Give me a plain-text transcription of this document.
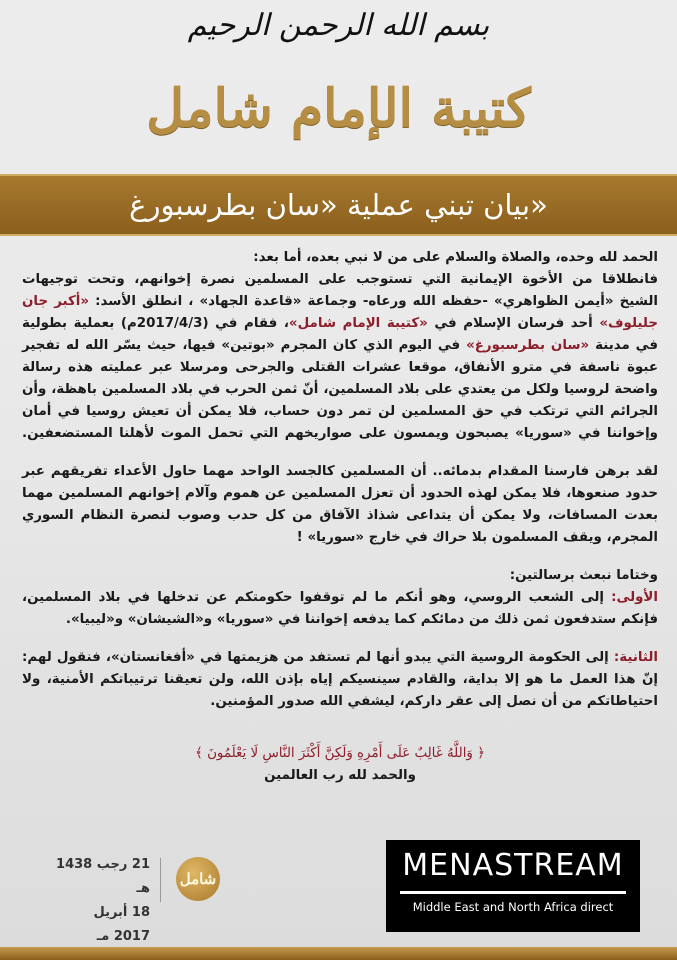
بسم الله الرحمن الرحيم
كتيبة الإمام شامل
بيان تبني عملية «سان بطرسبورغ»
الحمد لله وحده، والصلاة والسلام على من لا نبي بعده، أما بعد:
فانطلاقا من الأخوة الإيمانية التي تستوجب على المسلمين نصرة إخوانهم، وتحت توجيهات
الشيخ «أيمن الظواهري» -حفظه الله ورعاه- وجماعة «قاعدة الجهاد» ، انطلق الأسد: «أكبر جان
جليلوف» أحد فرسان الإسلام في «كتيبة الإمام شامل»، فقام في (2017/4/3م) بعملية بطولية
في مدينة «سان بطرسبورغ» في اليوم الذي كان المجرم «بوتين» فيها، حيث يسّر الله له تفجير
عبوة ناسفة في مترو الأنفاق، موقعا عشرات القتلى والجرحى ومرسلا عبر عمليته هذه رسالة
واضحة لروسيا ولكل من يعتدي على بلاد المسلمين، أنّ ثمن الحرب في بلاد المسلمين باهظة، وأن
الجرائم التي ترتكب في حق المسلمين لن تمر دون حساب، فلا يمكن أن تعيش روسيا في أمان
وإخواننا في «سوريا» يصبحون ويمسون على صواريخهم التي تحمل الموت لأهلنا المستضعفين.
لقد برهن فارسنا المقدام بدمائه.. أن المسلمين كالجسد الواحد مهما حاول الأعداء تفريقهم عبر
حدود صنعوها، فلا يمكن لهذه الحدود أن تعزل المسلمين عن هموم وآلام إخوانهم المسلمين مهما
بعدت المسافات، ولا يمكن أن يتداعى شذاذ الآفاق من كل حدب وصوب لنصرة النظام السوري
المجرم، ويقف المسلمون بلا حراك في خارج «سوريا» !
وختاما نبعث برسالتين:
الأولى: إلى الشعب الروسي، وهو أنكم ما لم توقفوا حكومتكم عن تدخلها في بلاد المسلمين،
فإنكم ستدفعون ثمن ذلك من دمائكم كما يدفعه إخواننا في «سوريا» و«الشيشان» و«ليبيا».
الثانية: إلى الحكومة الروسية التي يبدو أنها لم تستفد من هزيمتها في «أفغانستان»، فنقول لهم:
إنّ هذا العمل ما هو إلا بداية، والقادم سينسيكم إياه بإذن الله، ولن تعيقنا ترتيباتكم الأمنية، ولا
احتياطاتكم من أن نصل إلى عقر داركم، ليشفي الله صدور المؤمنين.
﴿ وَاللَّهُ غَالِبٌ عَلَى أَمْرِهِ وَلَكِنَّ أَكْثَرَ النَّاسِ لَا يَعْلَمُونَ ﴾
والحمد لله رب العالمين
21 رجب 1438 هـ
18 أبريل 2017 مـ
شامل	MENASTREAM
Middle East and North Africa direct
